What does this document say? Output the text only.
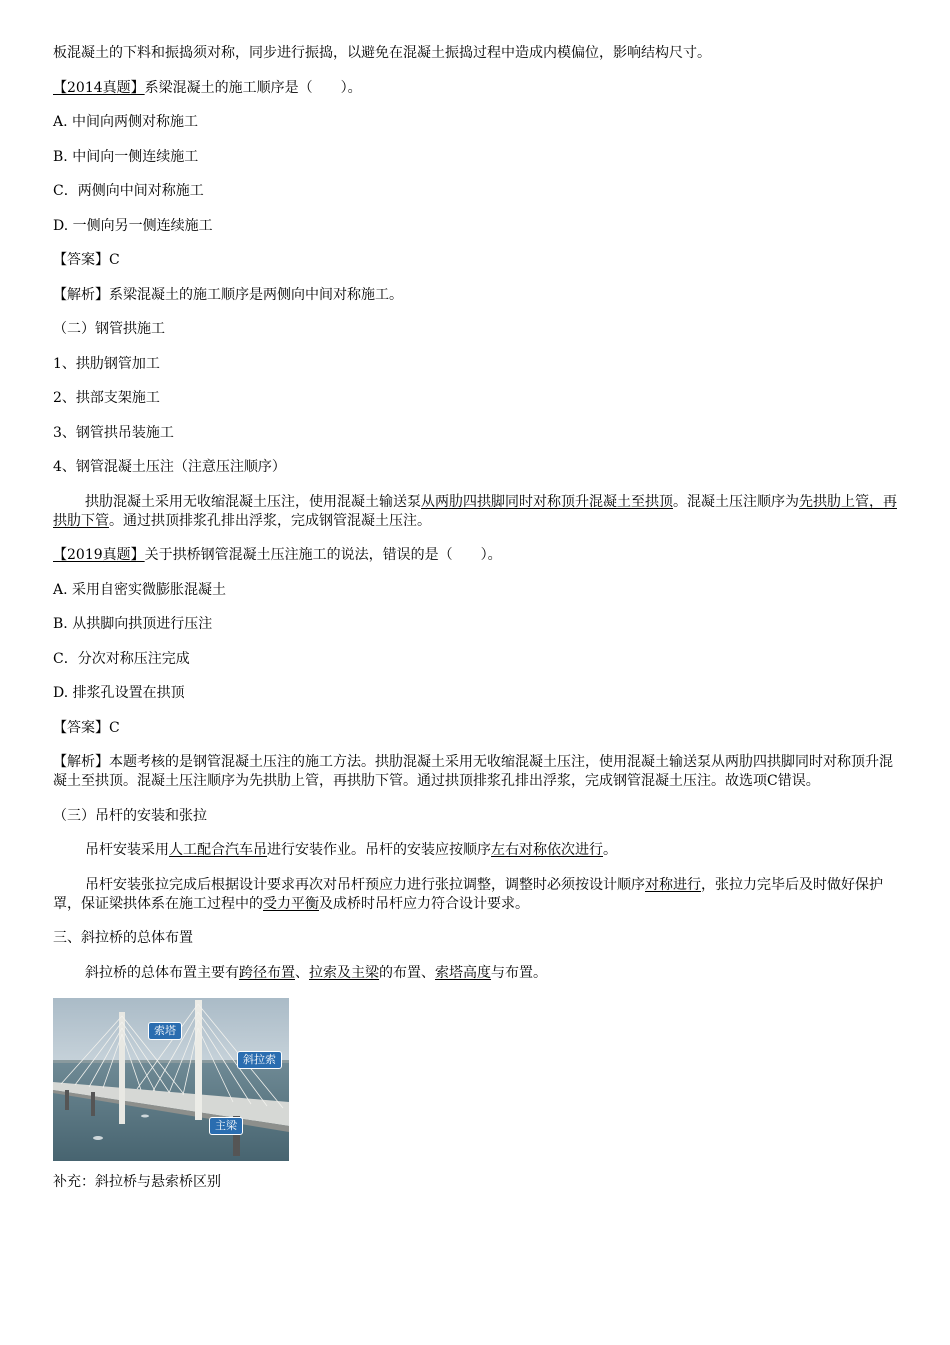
板混凝土的下料和振捣须对称，同步进行振捣，以避免在混凝土振捣过程中造成内模偏位，影响结构尺寸。

【2014真题】系梁混凝土的施工顺序是（　　）。

A. 中间向两侧对称施工

B. 中间向一侧连续施工

C．两侧向中间对称施工

D. 一侧向另一侧连续施工

【答案】C

【解析】系梁混凝土的施工顺序是两侧向中间对称施工。

（二）钢管拱施工

1、拱肋钢管加工

2、拱部支架施工

3、钢管拱吊装施工

4、钢管混凝土压注（注意压注顺序）

拱肋混凝土采用无收缩混凝土压注，使用混凝土输送泵从两肋四拱脚同时对称顶升混凝土至拱顶。混凝土压注顺序为先拱肋上管，再拱肋下管。通过拱顶排浆孔排出浮浆，完成钢管混凝土压注。

【2019真题】关于拱桥钢管混凝土压注施工的说法，错误的是（　　）。

A. 采用自密实微膨胀混凝土

B. 从拱脚向拱顶进行压注

C．分次对称压注完成

D. 排浆孔设置在拱顶

【答案】C

【解析】本题考核的是钢管混凝土压注的施工方法。拱肋混凝土采用无收缩混凝土压注，使用混凝土输送泵从两肋四拱脚同时对称顶升混凝土至拱顶。混凝土压注顺序为先拱肋上管，再拱肋下管。通过拱顶排浆孔排出浮浆，完成钢管混凝土压注。故选项C错误。

（三）吊杆的安装和张拉

吊杆安装采用人工配合汽车吊进行安装作业。吊杆的安装应按顺序左右对称依次进行。

吊杆安装张拉完成后根据设计要求再次对吊杆预应力进行张拉调整，调整时必须按设计顺序对称进行，张拉力完毕后及时做好保护罩，保证梁拱体系在施工过程中的受力平衡及成桥时吊杆应力符合设计要求。

三、斜拉桥的总体布置

斜拉桥的总体布置主要有跨径布置、拉索及主梁的布置、索塔高度与布置。

索塔
斜拉索
主梁

补充：斜拉桥与悬索桥区别
